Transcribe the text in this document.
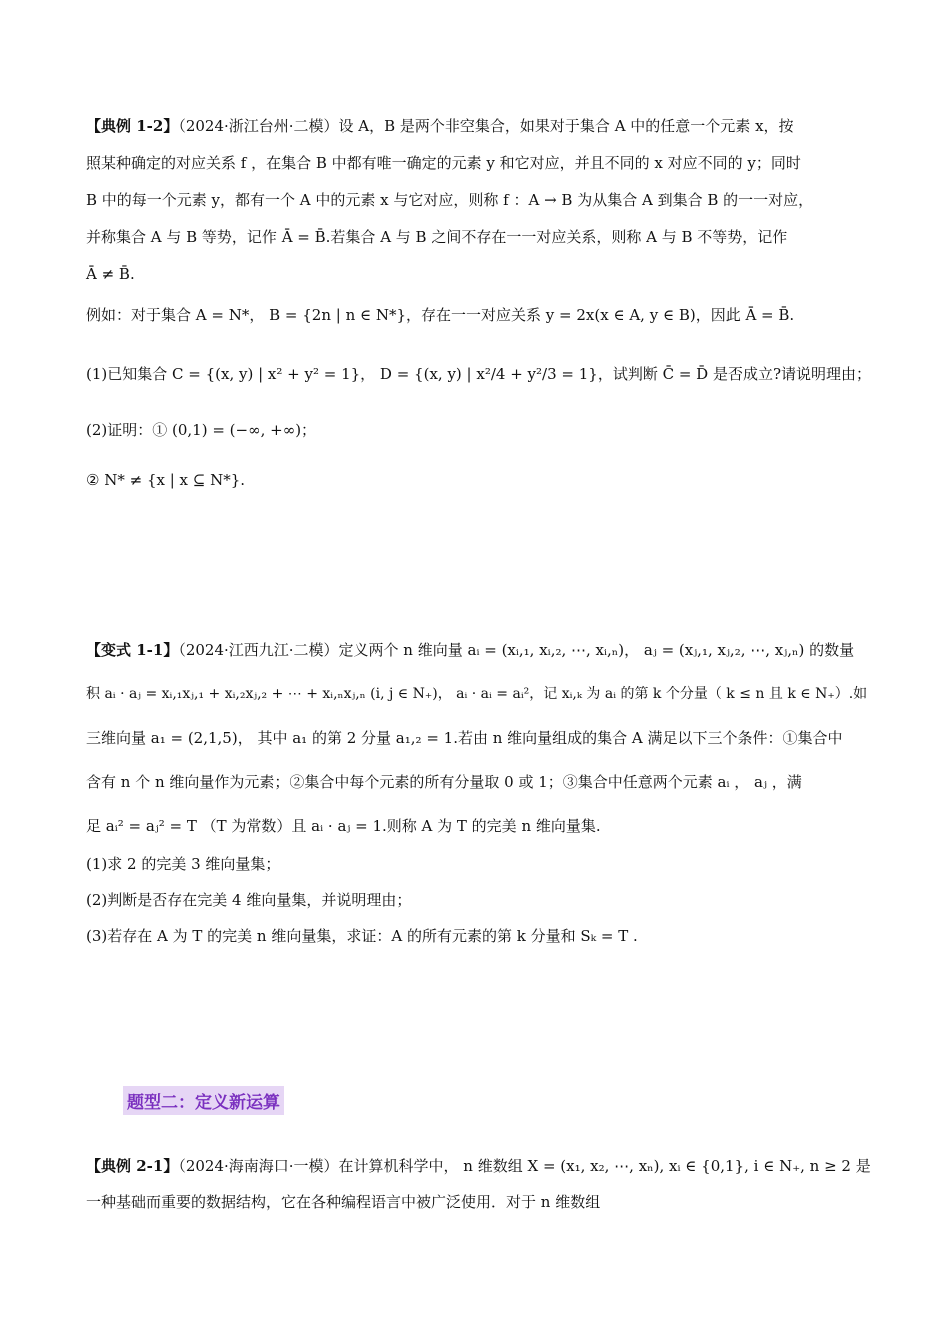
【典例 1-2】（2024·浙江台州·二模）设 A，B 是两个非空集合，如果对于集合 A 中的任意一个元素 x，按
照某种确定的对应关系 f ，在集合 B 中都有唯一确定的元素 y 和它对应，并且不同的 x 对应不同的 y；同时
B 中的每一个元素 y，都有一个 A 中的元素 x 与它对应，则称 f ：A → B 为从集合 A 到集合 B 的一一对应，
并称集合 A 与 B 等势，记作 Ā = B̄.若集合 A 与 B 之间不存在一一对应关系，则称 A 与 B 不等势，记作
Ā ≠ B̄.
例如：对于集合 A = N*， B = {2n | n ∈ N*}，存在一一对应关系 y = 2x(x ∈ A, y ∈ B)，因此 Ā = B̄.
(1)已知集合 C = {(x, y) | x² + y² = 1}， D = {(x, y) | x²/4 + y²/3 = 1}，试判断 C̄ = D̄ 是否成立?请说明理由；
(2)证明：① (0,1) = (−∞, +∞)；
② N* ≠ {x | x ⊆ N*}.
【变式 1-1】（2024·江西九江·二模）定义两个 n 维向量 aᵢ = (xᵢ,₁, xᵢ,₂, ⋯, xᵢ,ₙ)， aⱼ = (xⱼ,₁, xⱼ,₂, ⋯, xⱼ,ₙ) 的数量
积 aᵢ · aⱼ = xᵢ,₁xⱼ,₁ + xᵢ,₂xⱼ,₂ + ⋯ + xᵢ,ₙxⱼ,ₙ (i, j ∈ N₊)， aᵢ · aᵢ = aᵢ²，记 xᵢ,ₖ 为 aᵢ 的第 k 个分量（ k ≤ n 且 k ∈ N₊）.如
三维向量 a₁ = (2,1,5)， 其中 a₁ 的第 2 分量 a₁,₂ = 1.若由 n 维向量组成的集合 A 满足以下三个条件：①集合中
含有 n 个 n 维向量作为元素；②集合中每个元素的所有分量取 0 或 1；③集合中任意两个元素 aᵢ ， aⱼ ，满
足 aᵢ² = aⱼ² = T （T 为常数）且 aᵢ · aⱼ = 1.则称 A 为 T 的完美 n 维向量集.
(1)求 2 的完美 3 维向量集；
(2)判断是否存在完美 4 维向量集，并说明理由；
(3)若存在 A 为 T 的完美 n 维向量集，求证：A 的所有元素的第 k 分量和 Sₖ = T .
题型二：定义新运算
【典例 2-1】（2024·海南海口·一模）在计算机科学中， n 维数组 X = (x₁, x₂, ⋯, xₙ), xᵢ ∈ {0,1}, i ∈ N₊, n ≥ 2 是
一种基础而重要的数据结构，它在各种编程语言中被广泛使用．对于 n 维数组
